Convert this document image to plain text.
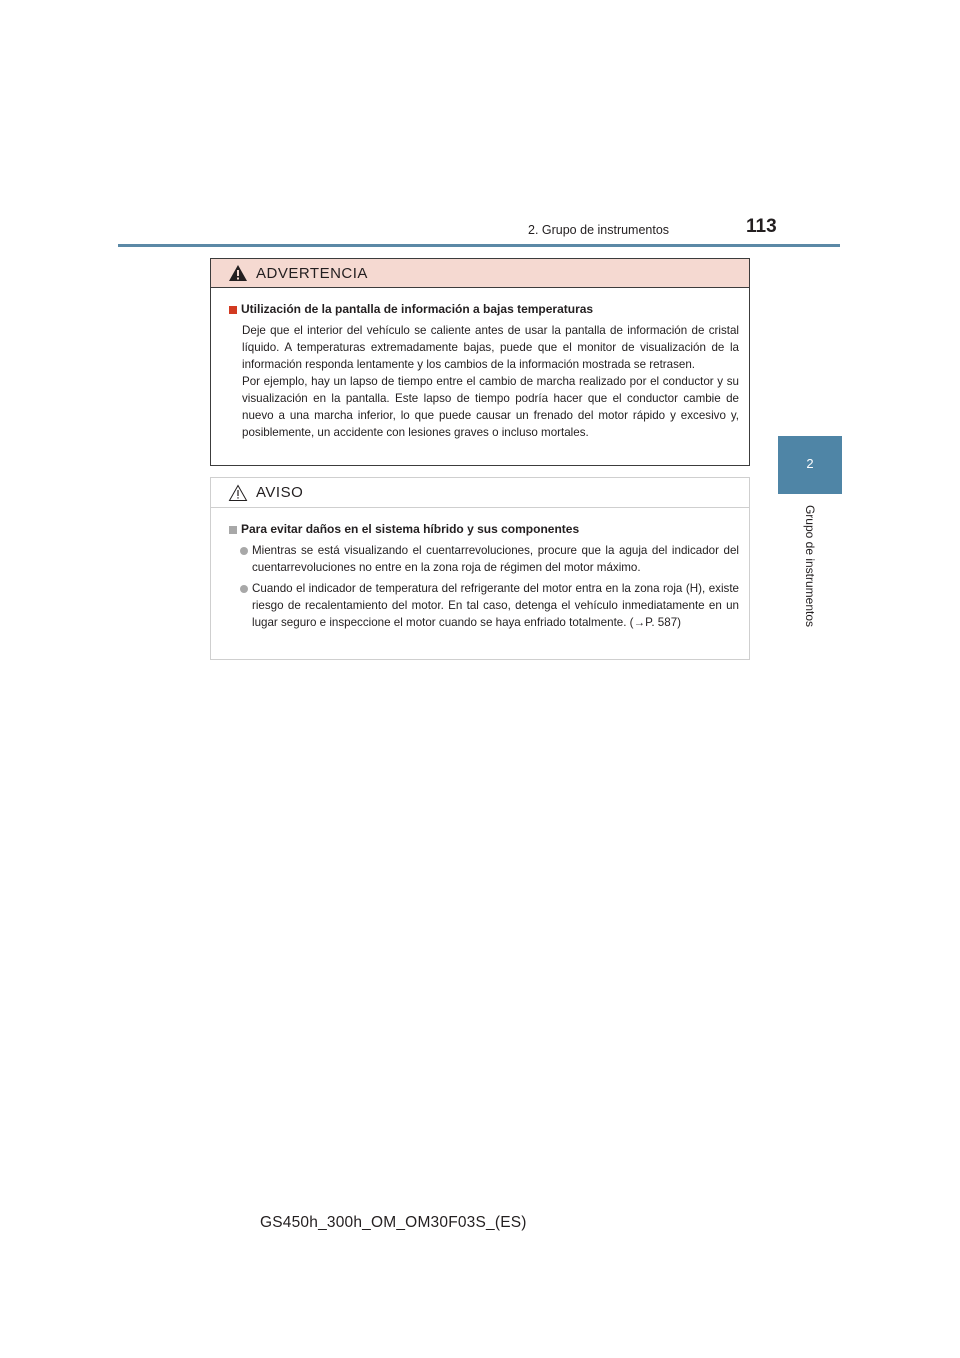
2. Grupo de instrumentos	113
2
Grupo de instrumentos
ADVERTENCIA
Utilización de la pantalla de información a bajas temperaturas

Deje que el interior del vehículo se caliente antes de usar la pantalla de información de cristal líquido. A temperaturas extremadamente bajas, puede que el monitor de visualización de la información responda lentamente y los cambios de la información mostrada se retrasen.

Por ejemplo, hay un lapso de tiempo entre el cambio de marcha realizado por el conductor y su visualización en la pantalla. Este lapso de tiempo podría hacer que el conductor cambie de nuevo a una marcha inferior, lo que puede causar un frenado del motor rápido y excesivo y, posiblemente, un accidente con lesiones graves o incluso mortales.

AVISO
Para evitar daños en el sistema híbrido y sus componentes
Mientras se está visualizando el cuentarrevoluciones, procure que la aguja del indicador del cuentarrevoluciones no entre en la zona roja de régimen del motor máximo.
Cuando el indicador de temperatura del refrigerante del motor entra en la zona roja (H), existe riesgo de recalentamiento del motor. En tal caso, detenga el vehículo inmediatamente en un lugar seguro e inspeccione el motor cuando se haya enfriado totalmente. (→P. 587)
GS450h_300h_OM_OM30F03S_(ES)
